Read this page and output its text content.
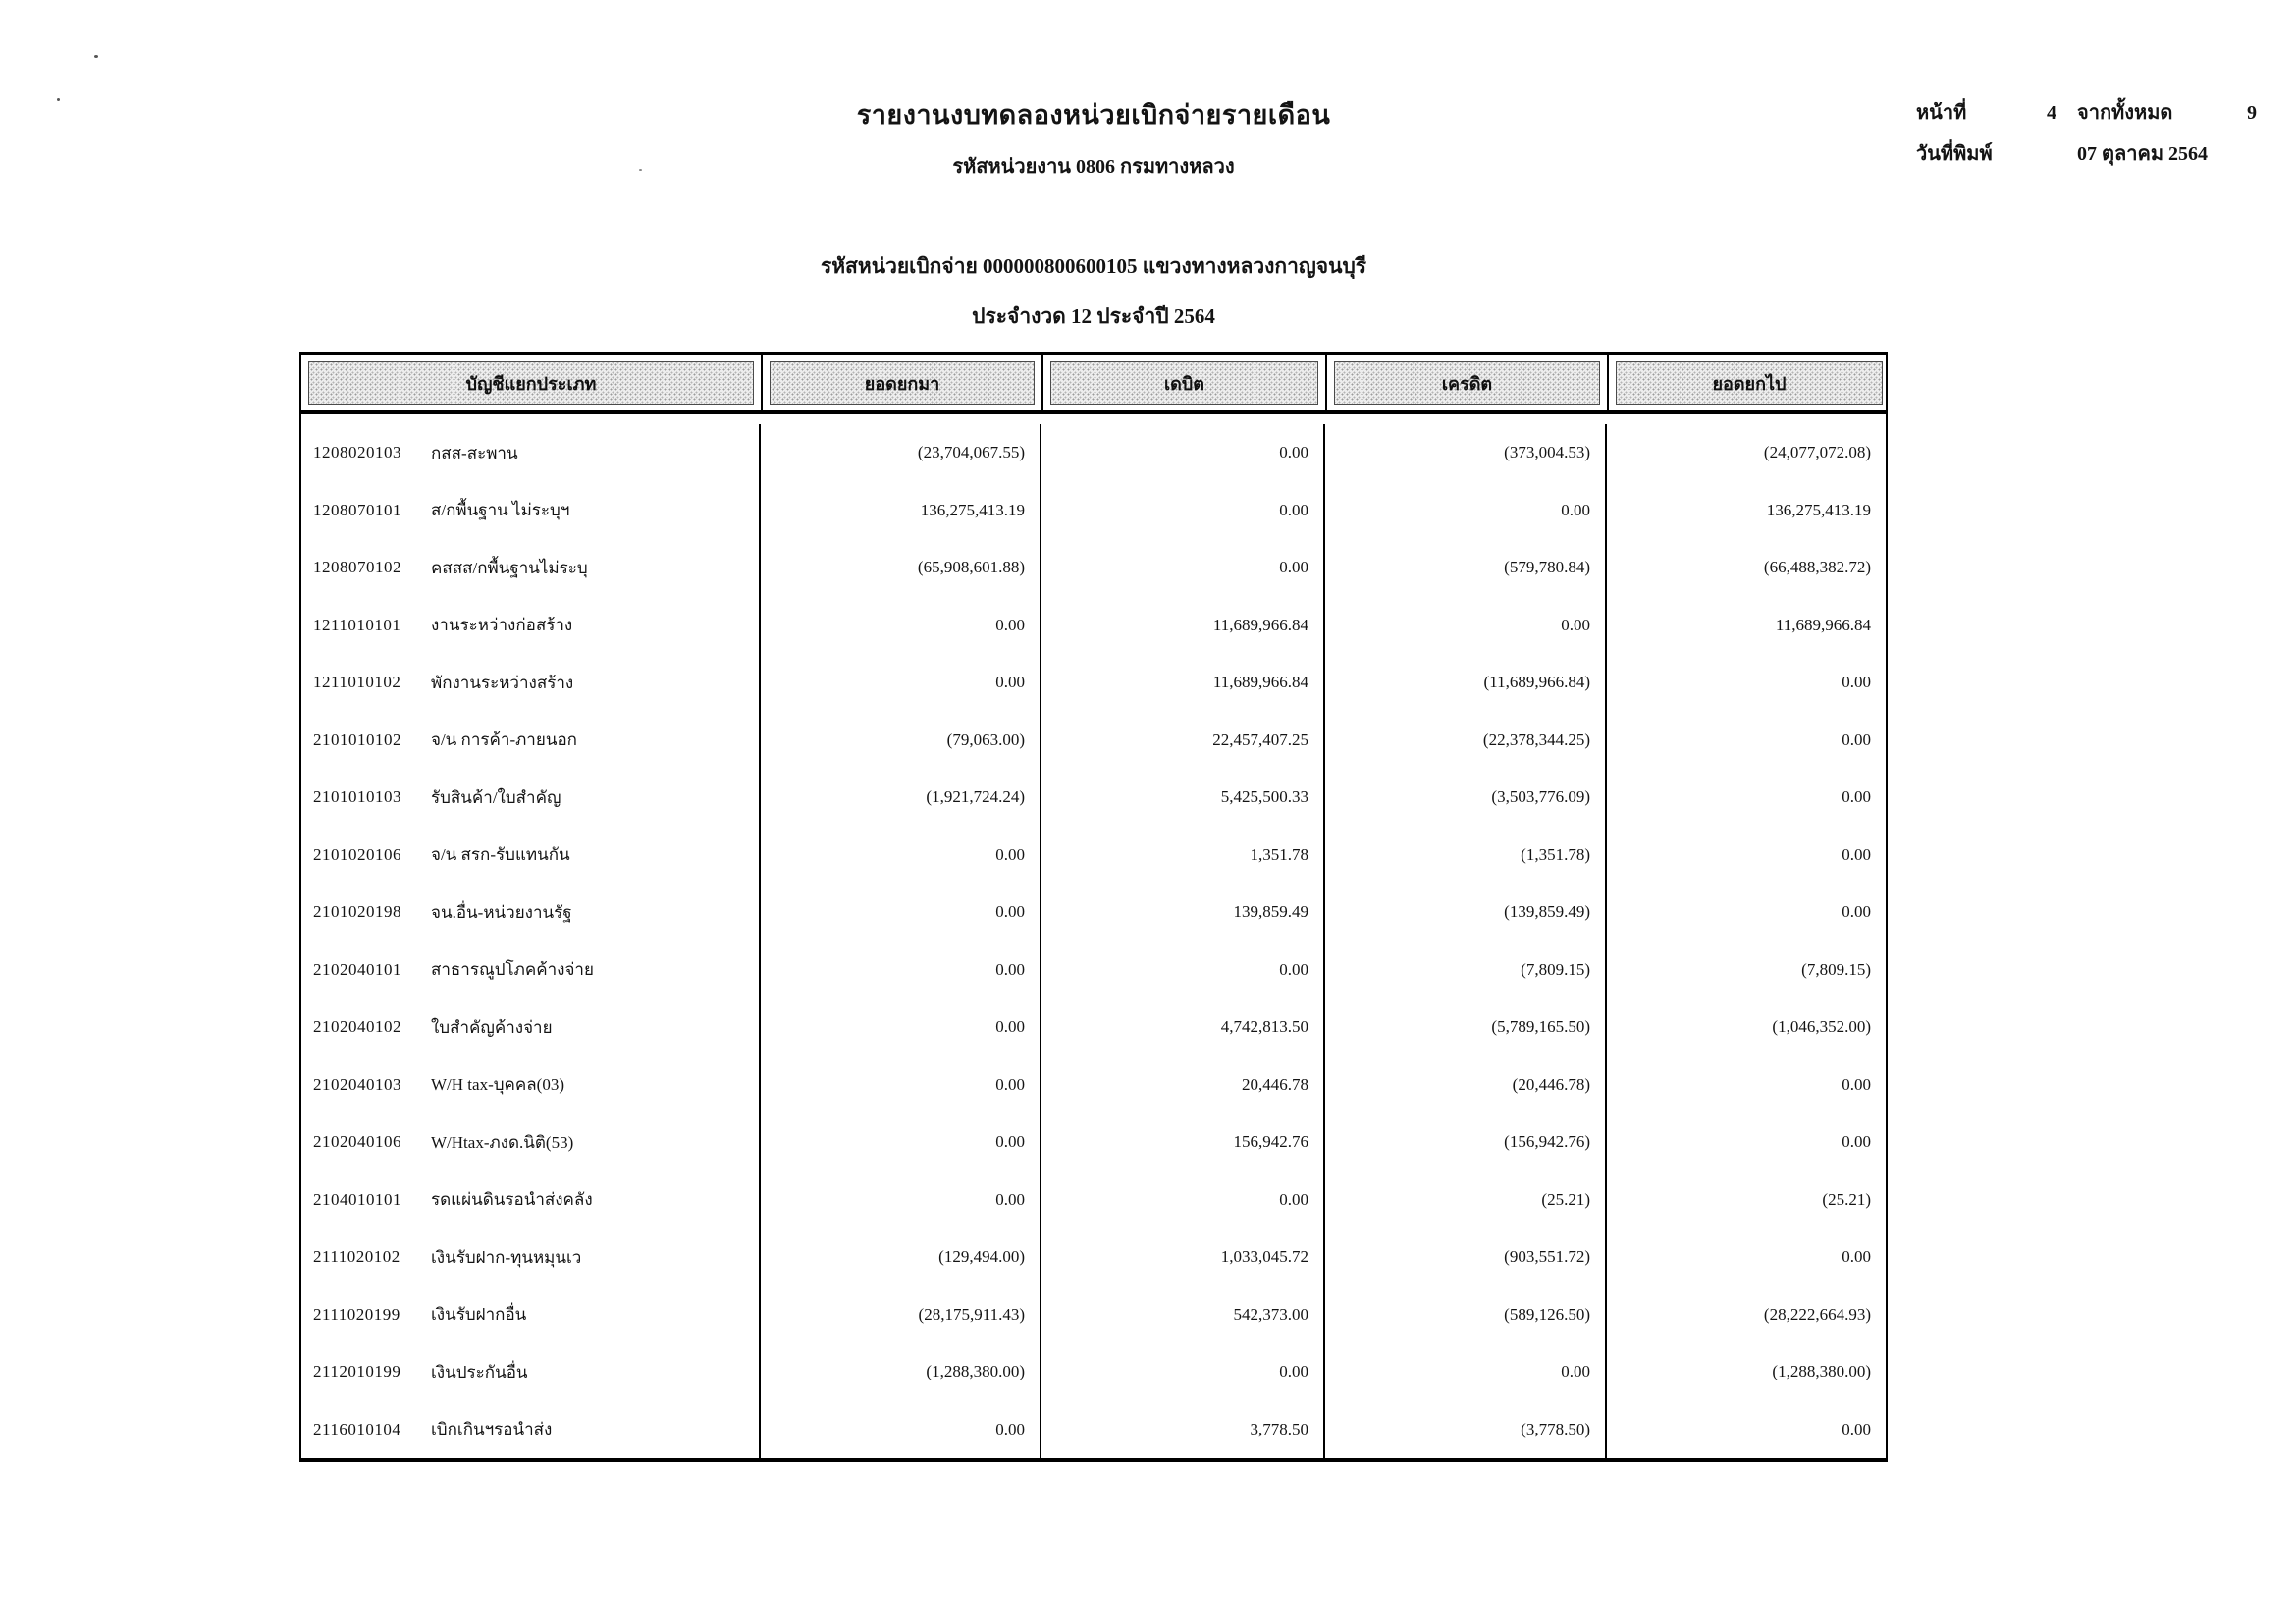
รายงานงบทดลองหน่วยเบิกจ่ายรายเดือน
รหัสหน่วยงาน 0806 กรมทางหลวง
รหัสหน่วยเบิกจ่าย 000000800600105 แขวงทางหลวงกาญจนบุรี
ประจำงวด 12 ประจำปี 2564
หน้าที่	4	จากทั้งหมด	9
วันที่พิมพ์	07 ตุลาคม 2564
บัญชีแยกประเภท	ยอดยกมา	เดบิต	เครดิต	ยอดยกไป
1208020103	กสส-สะพาน	(23,704,067.55)	0.00	(373,004.53)	(24,077,072.08)
1208070101	ส/กพื้นฐาน ไม่ระบุฯ	136,275,413.19	0.00	0.00	136,275,413.19
1208070102	คสสส/กพื้นฐานไม่ระบุ	(65,908,601.88)	0.00	(579,780.84)	(66,488,382.72)
1211010101	งานระหว่างก่อสร้าง	0.00	11,689,966.84	0.00	11,689,966.84
1211010102	พักงานระหว่างสร้าง	0.00	11,689,966.84	(11,689,966.84)	0.00
2101010102	จ/น การค้า-ภายนอก	(79,063.00)	22,457,407.25	(22,378,344.25)	0.00
2101010103	รับสินค้า/ใบสำคัญ	(1,921,724.24)	5,425,500.33	(3,503,776.09)	0.00
2101020106	จ/น สรก-รับแทนกัน	0.00	1,351.78	(1,351.78)	0.00
2101020198	จน.อื่น-หน่วยงานรัฐ	0.00	139,859.49	(139,859.49)	0.00
2102040101	สาธารณูปโภคค้างจ่าย	0.00	0.00	(7,809.15)	(7,809.15)
2102040102	ใบสำคัญค้างจ่าย	0.00	4,742,813.50	(5,789,165.50)	(1,046,352.00)
2102040103	W/H tax-บุคคล(03)	0.00	20,446.78	(20,446.78)	0.00
2102040106	W/Htax-ภงด.นิติ(53)	0.00	156,942.76	(156,942.76)	0.00
2104010101	รดแผ่นดินรอนำส่งคลัง	0.00	0.00	(25.21)	(25.21)
2111020102	เงินรับฝาก-ทุนหมุนเว	(129,494.00)	1,033,045.72	(903,551.72)	0.00
2111020199	เงินรับฝากอื่น	(28,175,911.43)	542,373.00	(589,126.50)	(28,222,664.93)
2112010199	เงินประกันอื่น	(1,288,380.00)	0.00	0.00	(1,288,380.00)
2116010104	เบิกเกินฯรอนำส่ง	0.00	3,778.50	(3,778.50)	0.00
